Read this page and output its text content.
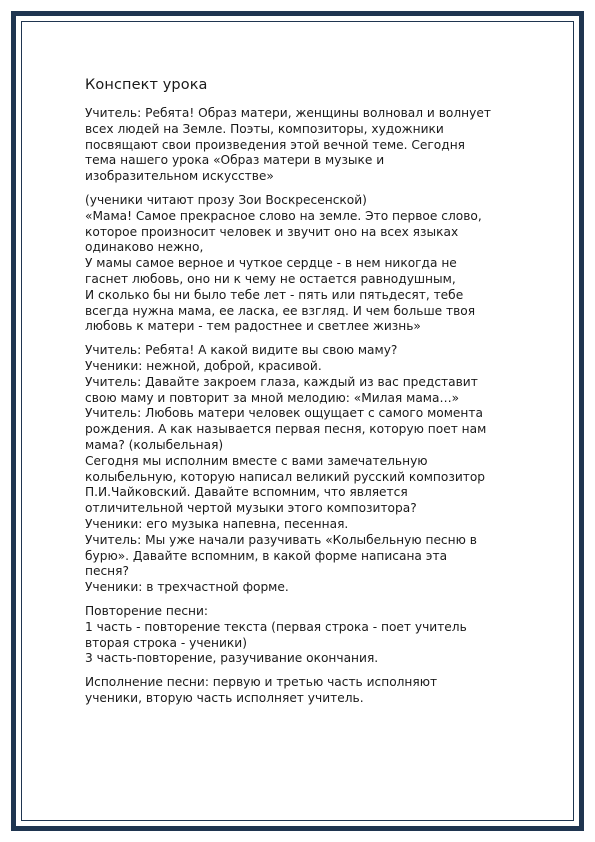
Конспект урока
Учитель: Ребята! Образ матери, женщины волновал и волнует
всех людей на Земле. Поэты, композиторы, художники
посвящают свои произведения этой вечной теме. Сегодня
тема нашего урока «Образ матери в музыке и
изобразительном искусстве»
(ученики читают прозу Зои Воскресенской)
«Мама! Самое прекрасное слово на земле. Это первое слово,
которое произносит человек и звучит оно на всех языках
одинаково нежно,
У мамы самое верное и чуткое сердце - в нем никогда не
гаснет любовь, оно ни к чему не остается равнодушным,
И сколько бы ни было тебе лет - пять или пятьдесят, тебе
всегда нужна мама, ее ласка, ее взгляд. И чем больше твоя
любовь к матери - тем радостнее и светлее жизнь»
Учитель: Ребята! А какой видите вы свою маму?
Ученики: нежной, доброй, красивой.
Учитель: Давайте закроем глаза, каждый из вас представит
свою маму и повторит за мной мелодию: «Милая мама…»
Учитель: Любовь матери человек ощущает с самого момента
рождения. А как называется первая песня, которую поет нам
мама? (колыбельная)
Сегодня мы исполним вместе с вами замечательную
колыбельную, которую написал великий русский композитор
П.И.Чайковский. Давайте вспомним, что является
отличительной чертой музыки этого композитора?
Ученики: его музыка напевна, песенная.
Учитель: Мы уже начали разучивать «Колыбельную песню в
бурю». Давайте вспомним, в какой форме написана эта
песня?
Ученики: в трехчастной форме.
Повторение песни:
1 часть - повторение текста (первая строка - поет учитель
вторая строка - ученики)
3 часть-повторение, разучивание окончания.
Исполнение песни: первую и третью часть исполняют
ученики, вторую часть исполняет учитель.
